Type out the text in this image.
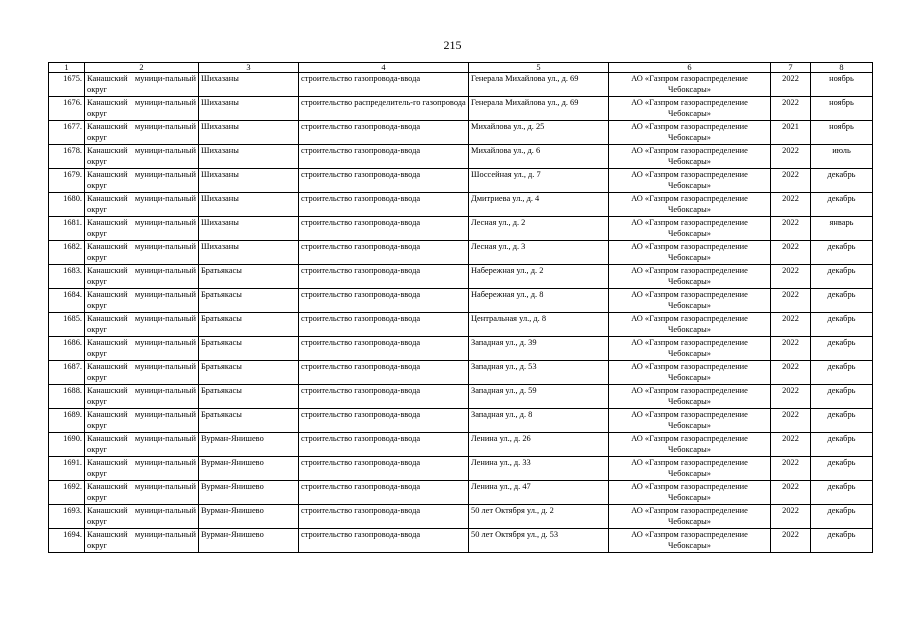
215
1	2	3	4	5	6	7	8
1675.	Канашский муници-пальный округ	Шихазаны	строительство газопровода-ввода	Генерала Михайлова ул., д. 69	АО «Газпром газораспределение Чебоксары»	2022	ноябрь
1676.	Канашский муници-пальный округ	Шихазаны	строительство распределитель-го газопровода	Генерала Михайлова ул., д. 69	АО «Газпром газораспределение Чебоксары»	2022	ноябрь
1677.	Канашский муници-пальный округ	Шихазаны	строительство газопровода-ввода	Михайлова ул., д. 25	АО «Газпром газораспределение Чебоксары»	2021	ноябрь
1678.	Канашский муници-пальный округ	Шихазаны	строительство газопровода-ввода	Михайлова ул., д. 6	АО «Газпром газораспределение Чебоксары»	2022	июль
1679.	Канашский муници-пальный округ	Шихазаны	строительство газопровода-ввода	Шоссейная ул., д. 7	АО «Газпром газораспределение Чебоксары»	2022	декабрь
1680.	Канашский муници-пальный округ	Шихазаны	строительство газопровода-ввода	Дмитриева ул., д. 4	АО «Газпром газораспределение Чебоксары»	2022	декабрь
1681.	Канашский муници-пальный округ	Шихазаны	строительство газопровода-ввода	Лесная ул., д. 2	АО «Газпром газораспределение Чебоксары»	2022	январь
1682.	Канашский муници-пальный округ	Шихазаны	строительство газопровода-ввода	Лесная ул., д. 3	АО «Газпром газораспределение Чебоксары»	2022	декабрь
1683.	Канашский муници-пальный округ	Братьякасы	строительство газопровода-ввода	Набережная ул., д. 2	АО «Газпром газораспределение Чебоксары»	2022	декабрь
1684.	Канашский муници-пальный округ	Братьякасы	строительство газопровода-ввода	Набережная ул., д. 8	АО «Газпром газораспределение Чебоксары»	2022	декабрь
1685.	Канашский муници-пальный округ	Братьякасы	строительство газопровода-ввода	Центральная ул., д. 8	АО «Газпром газораспределение Чебоксары»	2022	декабрь
1686.	Канашский муници-пальный округ	Братьякасы	строительство газопровода-ввода	Западная ул., д. 39	АО «Газпром газораспределение Чебоксары»	2022	декабрь
1687.	Канашский муници-пальный округ	Братьякасы	строительство газопровода-ввода	Западная ул., д. 53	АО «Газпром газораспределение Чебоксары»	2022	декабрь
1688.	Канашский муници-пальный округ	Братьякасы	строительство газопровода-ввода	Западная ул., д. 59	АО «Газпром газораспределение Чебоксары»	2022	декабрь
1689.	Канашский муници-пальный округ	Братьякасы	строительство газопровода-ввода	Западная ул., д. 8	АО «Газпром газораспределение Чебоксары»	2022	декабрь
1690.	Канашский муници-пальный округ	Вурман-Янишево	строительство газопровода-ввода	Ленина ул., д. 26	АО «Газпром газораспределение Чебоксары»	2022	декабрь
1691.	Канашский муници-пальный округ	Вурман-Янишево	строительство газопровода-ввода	Ленина ул., д. 33	АО «Газпром газораспределение Чебоксары»	2022	декабрь
1692.	Канашский муници-пальный округ	Вурман-Янишево	строительство газопровода-ввода	Ленина ул., д. 47	АО «Газпром газораспределение Чебоксары»	2022	декабрь
1693.	Канашский муници-пальный округ	Вурман-Янишево	строительство газопровода-ввода	50 лет Октября ул., д. 2	АО «Газпром газораспределение Чебоксары»	2022	декабрь
1694.	Канашский муници-пальный округ	Вурман-Янишево	строительство газопровода-ввода	50 лет Октября ул., д. 53	АО «Газпром газораспределение Чебоксары»	2022	декабрь
